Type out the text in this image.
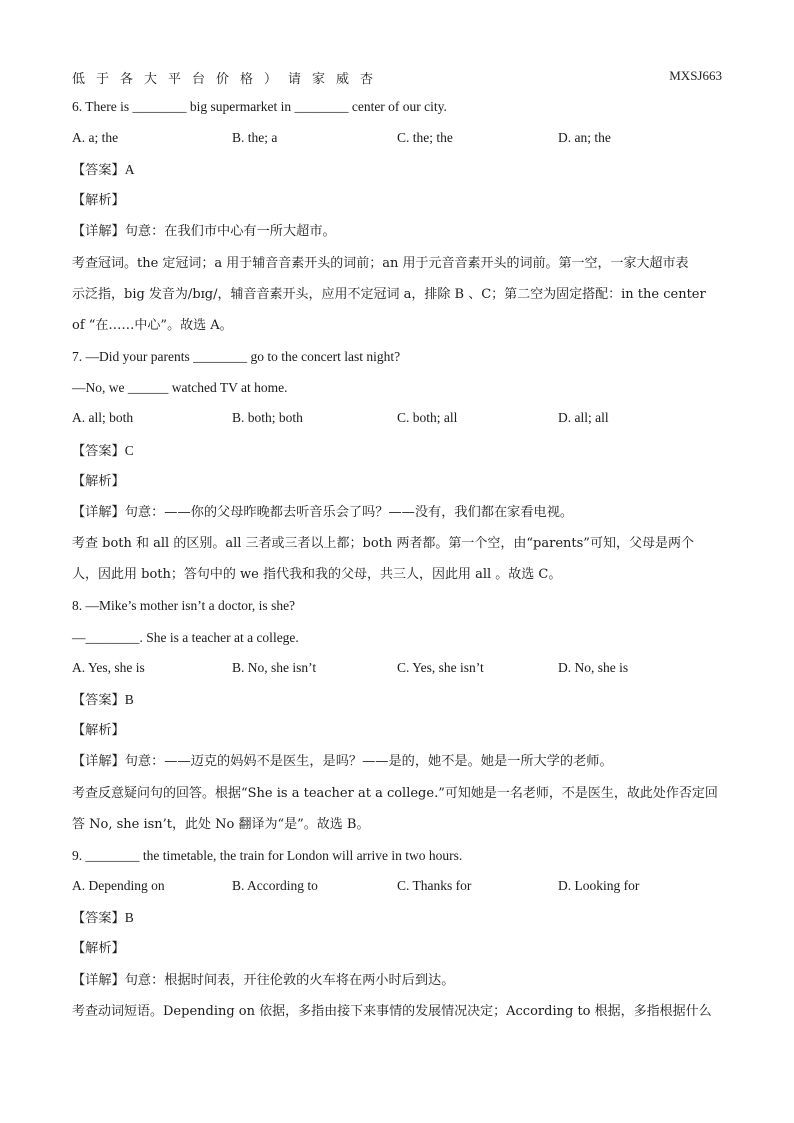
低于各大平台价格）请家威杏	MXSJ663
6. There is ________ big supermarket in ________ center of our city.
A. a; the	B. the; a	C. the; the	D. an; the
【答案】A
【解析】
【详解】句意：在我们市中心有一所大超市。
考查冠词。the 定冠词；a 用于辅音音素开头的词前；an 用于元音音素开头的词前。第一空，一家大超市表
示泛指，big 发音为/bɪg/，辅音音素开头，应用不定冠词 a，排除 B 、C；第二空为固定搭配：in the center
of “在……中心”。故选 A。
7. —Did your parents ________ go to the concert last night?
—No, we ______ watched TV at home.
A. all; both	B. both; both	C. both; all	D. all; all
【答案】C
【解析】
【详解】句意：——你的父母昨晚都去听音乐会了吗？——没有，我们都在家看电视。
考查 both 和 all 的区别。all 三者或三者以上都；both 两者都。第一个空，由“parents”可知，父母是两个
人，因此用 both；答句中的 we 指代我和我的父母，共三人，因此用 all 。故选 C。
8. —Mike’s mother isn’t a doctor, is she?
—________. She is a teacher at a college.
A. Yes, she is	B. No, she isn’t	C. Yes, she isn’t	D. No, she is
【答案】B
【解析】
【详解】句意：——迈克的妈妈不是医生，是吗？——是的，她不是。她是一所大学的老师。
考查反意疑问句的回答。根据“She is a teacher at a college.”可知她是一名老师，不是医生，故此处作否定回
答 No, she isn’t，此处 No 翻译为“是”。故选 B。
9. ________ the timetable, the train for London will arrive in two hours.
A. Depending on	B. According to	C. Thanks for	D. Looking for
【答案】B
【解析】
【详解】句意：根据时间表，开往伦敦的火车将在两小时后到达。
考查动词短语。Depending on 依据，多指由接下来事情的发展情况决定；According to 根据，多指根据什么
